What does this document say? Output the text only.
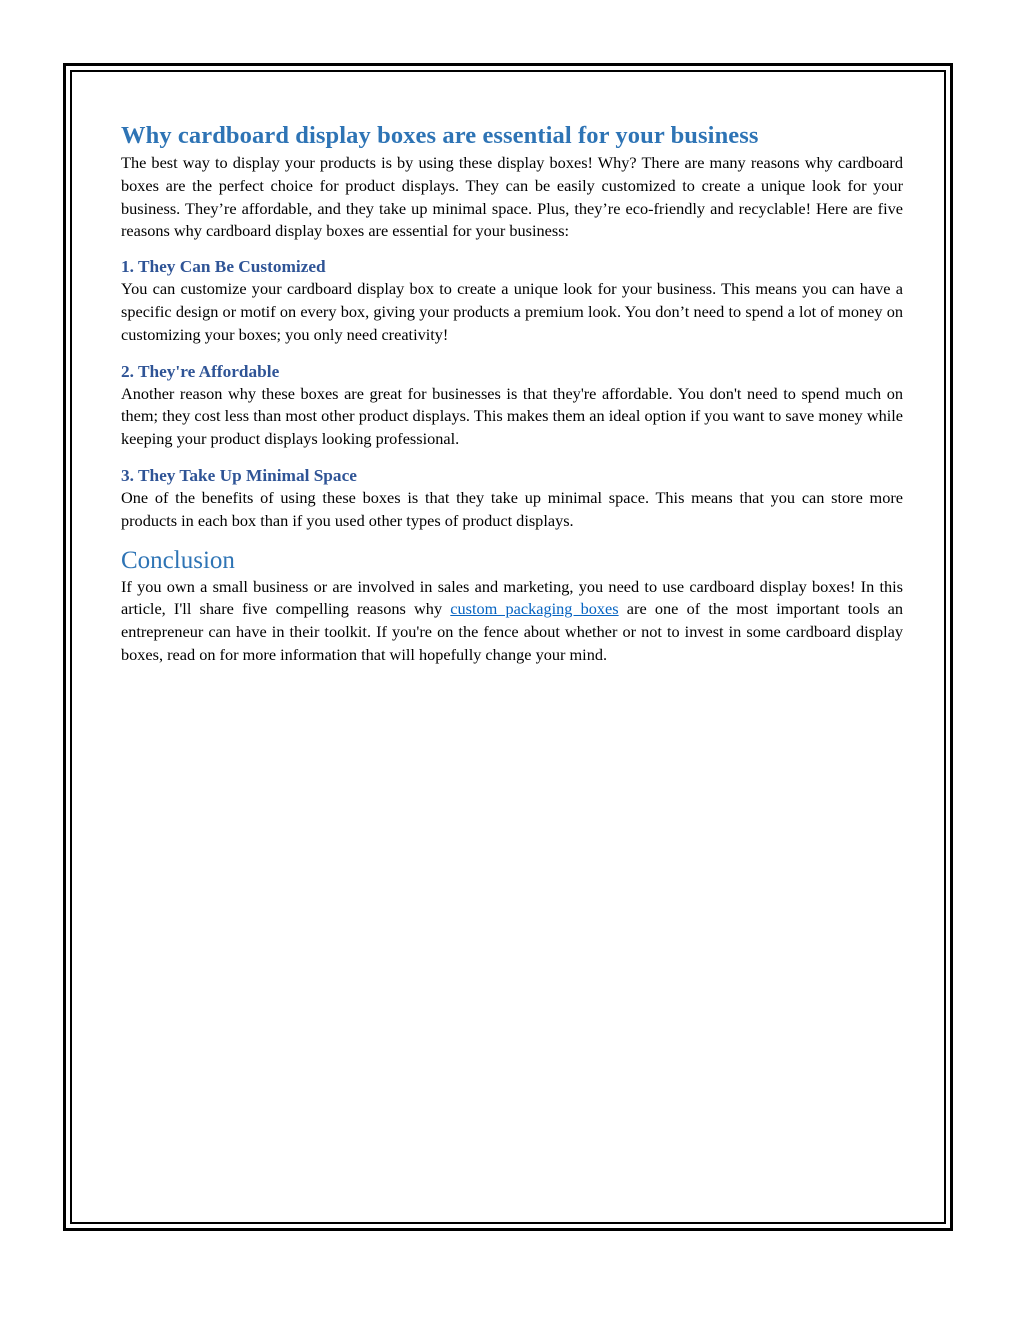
Why cardboard display boxes are essential for your business

The best way to display your products is by using these display boxes! Why? There are many reasons why cardboard boxes are the perfect choice for product displays. They can be easily customized to create a unique look for your business. They’re affordable, and they take up minimal space. Plus, they’re eco-friendly and recyclable! Here are five reasons why cardboard display boxes are essential for your business:

1. They Can Be Customized

You can customize your cardboard display box to create a unique look for your business. This means you can have a specific design or motif on every box, giving your products a premium look. You don’t need to spend a lot of money on customizing your boxes; you only need creativity!

2. They're Affordable

Another reason why these boxes are great for businesses is that they're affordable. You don't need to spend much on them; they cost less than most other product displays. This makes them an ideal option if you want to save money while keeping your product displays looking professional.

3. They Take Up Minimal Space

One of the benefits of using these boxes is that they take up minimal space. This means that you can store more products in each box than if you used other types of product displays.

Conclusion

If you own a small business or are involved in sales and marketing, you need to use cardboard display boxes! In this article, I'll share five compelling reasons why custom packaging boxes are one of the most important tools an entrepreneur can have in their toolkit. If you're on the fence about whether or not to invest in some cardboard display boxes, read on for more information that will hopefully change your mind.
